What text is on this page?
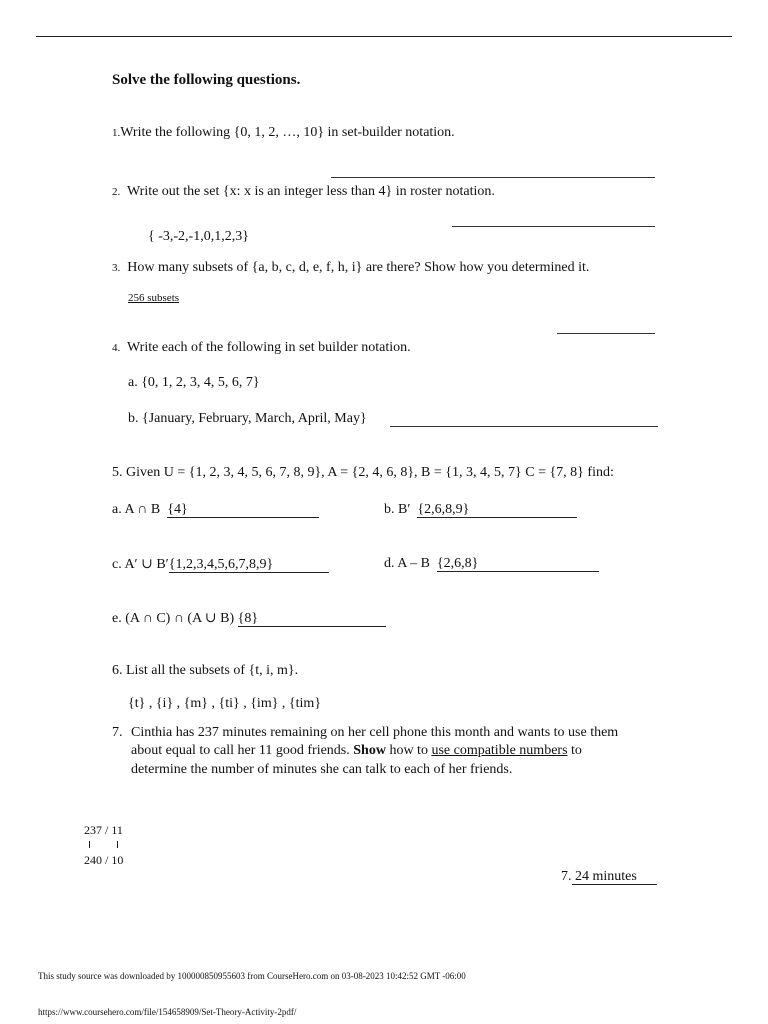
Solve the following questions.
1.Write the following {0, 1, 2, …, 10} in set-builder notation.
2. Write out the set {x: x is an integer less than 4} in roster notation.
{ -3,-2,-1,0,1,2,3}
3. How many subsets of {a, b, c, d, e, f, h, i} are there? Show how you determined it.
256 subsets
4. Write each of the following in set builder notation.
a. {0, 1, 2, 3, 4, 5, 6, 7}
b. {January, February, March, April, May}
5. Given U = {1, 2, 3, 4, 5, 6, 7, 8, 9}, A = {2, 4, 6, 8}, B = {1, 3, 4, 5, 7} C = {7, 8} find:
a. A ∩ B {4}	b. B′ {2,6,8,9}
c. A′ ∪ B′{1,2,3,4,5,6,7,8,9}	d. A – B {2,6,8}
e. (A ∩ C) ∩ (A ∪ B) {8}
6. List all the subsets of {t, i, m}.
{t} , {i} , {m} , {ti} , {im} , {tim}
7. Cinthia has 237 minutes remaining on her cell phone this month and wants to use them
about equal to call her 11 good friends. Show how to use compatible numbers to
determine the number of minutes she can talk to each of her friends.
237 / 11
240 / 10
7. 24 minutes
This study source was downloaded by 100000850955603 from CourseHero.com on 03-08-2023 10:42:52 GMT -06:00
https://www.coursehero.com/file/154658909/Set-Theory-Activity-2pdf/
